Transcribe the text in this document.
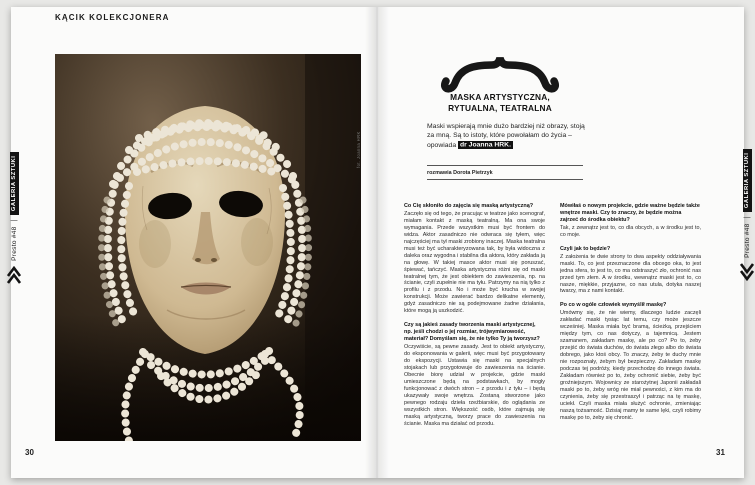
KĄCIK KOLEKCJONERA
fot. Joanna HRK
Presto #48
|
GALERIA SZTUKI
Presto #48
|
GALERIA SZTUKI
MASKA ARTYSTYCZNA,
RYTUALNA, TEATRALNA
Maski wspierają mnie dużo bardziej niż obrazy, stoją za mną. Są to istoty, które powołałam do życia – opowiada dr Joanna HRK.
rozmawia Dorota Pietrzyk

Co Cię skłoniło do zajęcia się maską artystyczną?

Zaczęło się od tego, że pracując w teatrze jako scenograf, miałam kontakt z maską teatralną. Ma ona swoje wymagania. Przede wszystkim musi być frontem do widza. Aktor zasadniczo nie odwraca się tyłem, więc najczęściej ma tył maski zrobiony inaczej. Maska teatralna musi też być ucharakteryzowana tak, by była widoczna z daleka oraz wygodna i stabilna dla aktora, który zakłada ją na głowę. W takiej masce aktor musi się poruszać, śpiewać, tańczyć. Maska artystyczna różni się od maski teatralnej tym, że jest obiektem do zawieszenia, np. na ścianie, czyli zupełnie nie ma tyłu. Patrzymy na nią tylko z profilu i z przodu. No i może być krucha w swojej konstrukcji. Może zawierać bardzo delikatne elementy, gdyż zasadniczo nie są podejmowane żadne działania, które mogą ją uszkodzić.

Czy są jakieś zasady tworzenia maski artystycznej, np. jeśli chodzi o jej rozmiar, trójwymiarowość, materiał? Domyślam się, że nie tylko Ty ją tworzysz?

Oczywiście, są pewne zasady. Jest to obiekt artystyczny, do eksponowania w galerii, więc musi być przygotowany do ekspozycji. Ustawia się maski na specjalnych stojakach lub przygotowuje do zawieszenia na ścianie. Obecnie biorę udział w projekcie, gdzie maski umieszczone będą na podstawkach, by mogły funkcjonować z dwóch stron – z przodu i z tyłu – i będą ukazywały swoje wnętrza. Zostaną stworzone jako pewnego rodzaju dzieła rzeźbiarskie, do oglądania ze wszystkich stron. Większość osób, które zajmują się maską artystyczną, tworzy prace do zawieszenia na ścianie. Maska ma działać od przodu.

Mówiłaś o nowym projekcie, gdzie ważne będzie także wnętrze maski. Czy to znaczy, że będzie można zajrzeć do środka obiektu?

Tak, z zewnątrz jest to, co dla obcych, a w środku jest to, co moje.

Czyli jak to będzie?

Z założenia te dwie strony to dwa aspekty oddziaływania maski. To, co jest przeznaczone dla obcego oka, to jest jedna sfera, to jest to, co ma odstraszyć zło, ochronić nas przed tym złem. A w środku, wewnątrz maski jest to, co nasze, miękkie, przyjazne, co nas utula, dotyka naszej twarzy, ma z nami kontakt.

Po co w ogóle człowiek wymyślił maskę?

Umówmy się, że nie wiemy, dlaczego ludzie zaczęli zakładać maski tysiąc lat temu, czy może jeszcze wcześniej. Maska miała być bramą, ścieżką, przejściem między tym, co nas dotyczy, a tajemnicą. Jestem szamanem, zakładam maskę, ale po co? Po to, żeby przejść do świata duchów, do świata złego albo do świata dobrego, jako ktoś obcy. To znaczy, żeby te duchy mnie nie rozpoznały, żebym był bezpieczny. Zakładam maskę podczas tej podróży, kiedy przechodzę do innego świata. Zakładam również po to, żeby ochronić siebie, żeby być groźniejszym. Wojownicy ze starożytnej Japonii zakładali maski po to, żeby wróg nie miał pewności, z kim ma do czynienia, żeby się przestraszył i patrząc na tę maskę, uciekł. Czyli maska miała służyć ochronie, zmieniając naszą tożsamość. Dzisiaj mamy te same lęki, czyli robimy maskę po to, żeby się chronić.

30	31
